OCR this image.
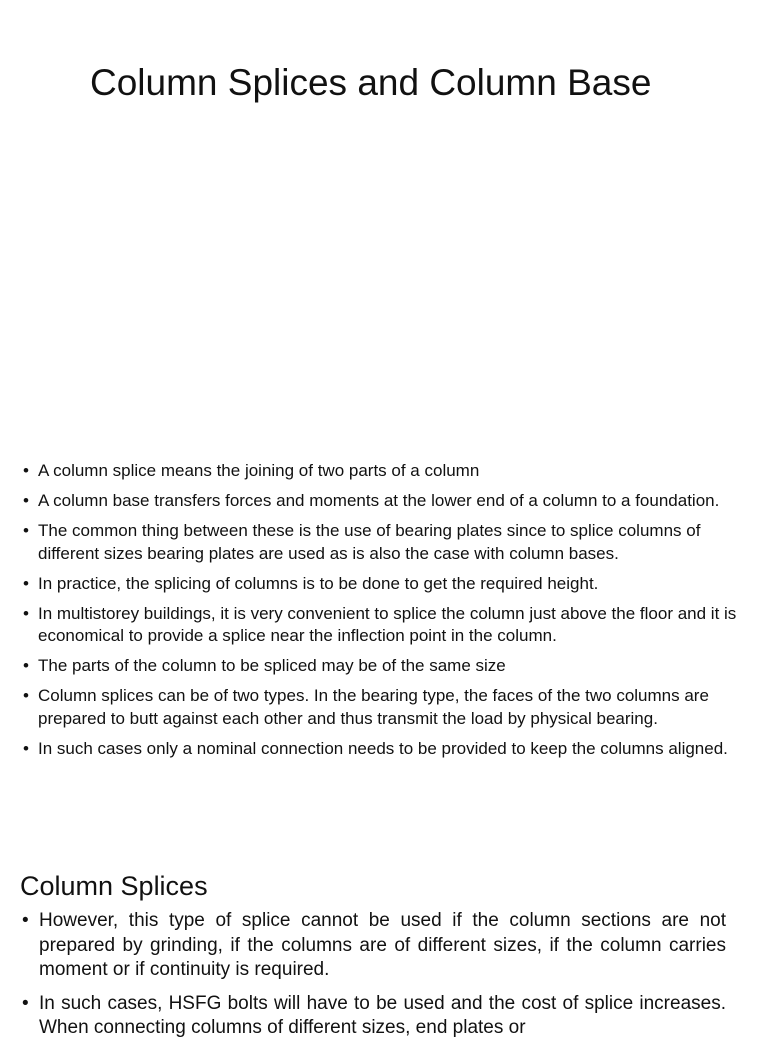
Column Splices and Column Base
• A column splice means the joining of two parts of a column
• A column base transfers forces and moments at the lower end of a column to a foundation.
• The common thing between these is the use of bearing plates since to splice columns of different sizes bearing plates are used as is also the case with column bases.
• In practice, the splicing of columns is to be done to get the required height.
• In multistorey buildings, it is very convenient to splice the column just above the floor and it is economical to provide a splice near the inflection point in the column.
• The parts of the column to be spliced may be of the same size
• Column splices can be of two types. In the bearing type, the faces of the two columns are prepared to butt against each other and thus transmit the load by physical bearing.
• In such cases only a nominal connection needs to be provided to keep the columns aligned.
Column Splices
• However, this type of splice cannot be used if the column sections are not prepared by grinding, if the columns are of different sizes, if the column carries moment or if continuity is required.
• In such cases, HSFG bolts will have to be used and the cost of splice increases. When connecting columns of different sizes, end plates or
